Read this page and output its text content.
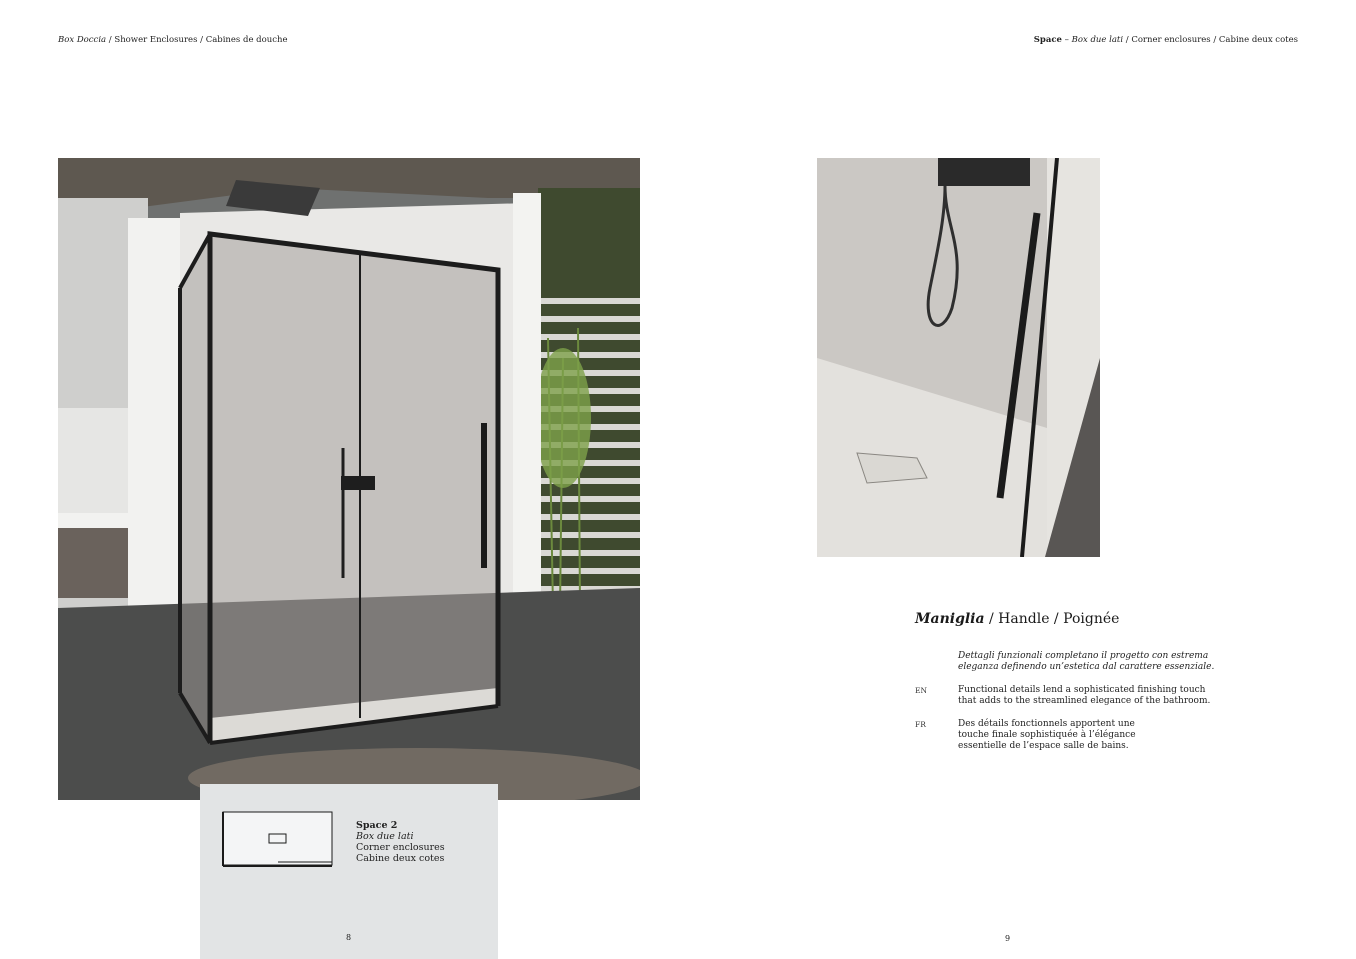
Box Doccia / Shower Enclosures / Cabines de douche	Space – Box due lati / Corner enclosures / Cabine deux cotes
Space 2
Box due lati
Corner enclosures
Cabine deux cotes
8	9
Maniglia / Handle / Poignée
Dettagli funzionali completano il progetto con estrema
eleganza definendo un’estetica dal carattere essenziale.
EN	Functional details lend a sophisticated finishing touch
that adds to the streamlined elegance of the bathroom.
FR	Des détails fonctionnels apportent une
touche finale sophistiquée à l’élégance
essentielle de l’espace salle de bains.
